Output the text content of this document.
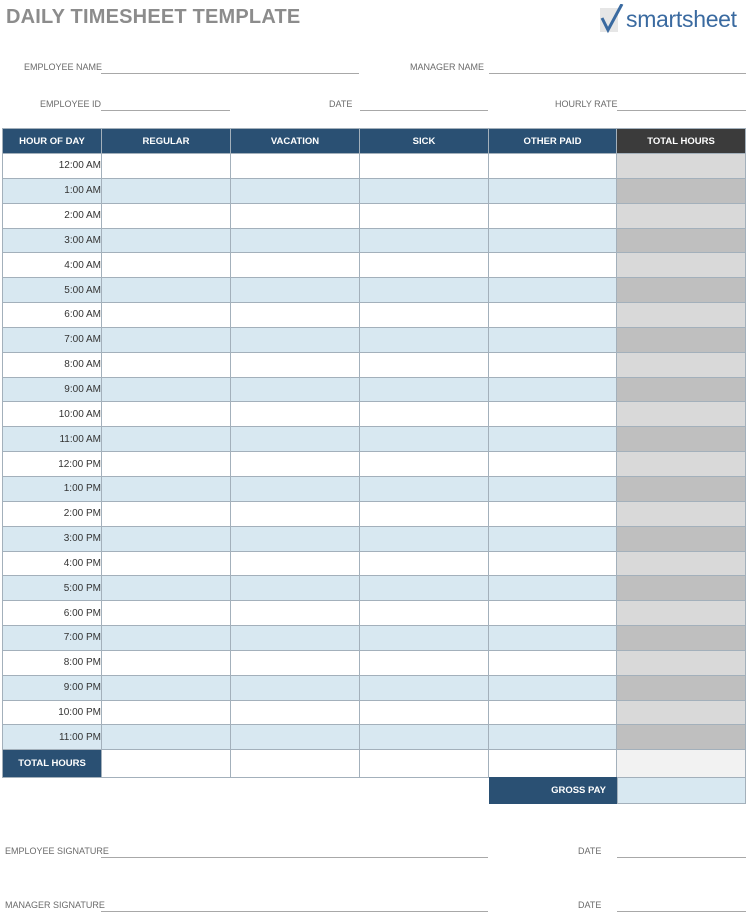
DAILY TIMESHEET TEMPLATE	smartsheet
EMPLOYEE NAME	MANAGER NAME
EMPLOYEE ID	DATE	HOURLY RATE
HOUR OF DAY	REGULAR	VACATION	SICK	OTHER PAID	TOTAL HOURS
12:00 AM					
1:00 AM					
2:00 AM					
3:00 AM					
4:00 AM					
5:00 AM					
6:00 AM					
7:00 AM					
8:00 AM					
9:00 AM					
10:00 AM					
11:00 AM					
12:00 PM					
1:00 PM					
2:00 PM					
3:00 PM					
4:00 PM					
5:00 PM					
6:00 PM					
7:00 PM					
8:00 PM					
9:00 PM					
10:00 PM					
11:00 PM					
TOTAL HOURS					
GROSS PAY
EMPLOYEE SIGNATURE	DATE
MANAGER SIGNATURE	DATE
